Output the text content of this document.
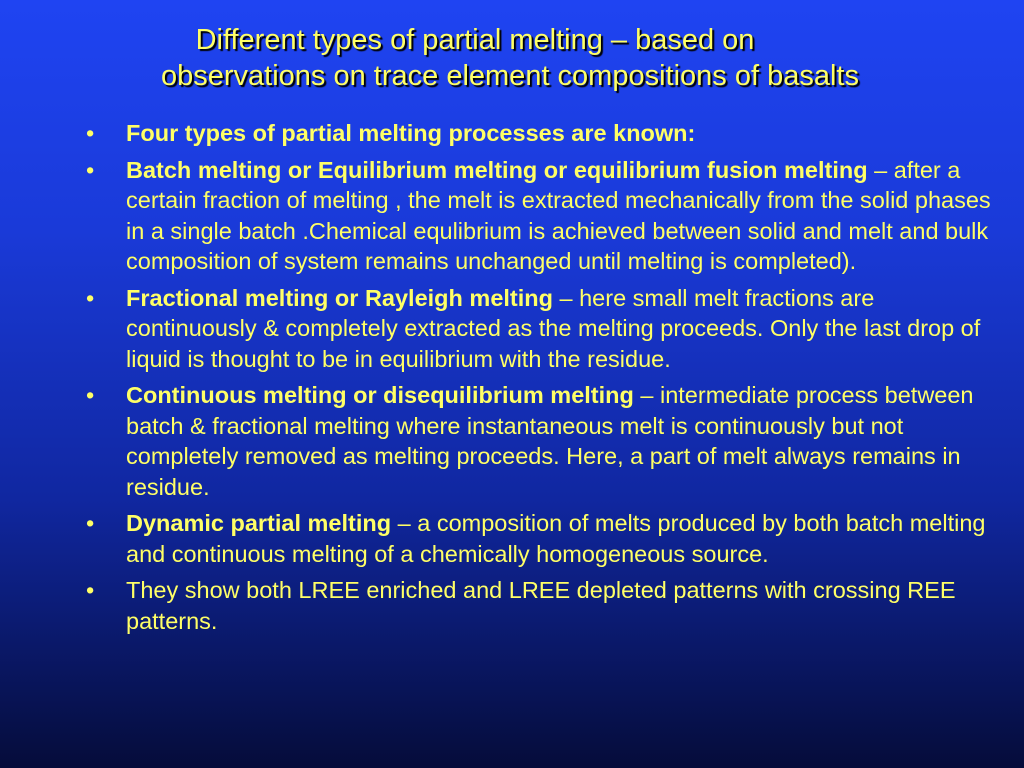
Different types of partial melting – based on
observations on trace element compositions of basalts
• Four types of partial melting processes are known:
• Batch melting or Equilibrium melting or equilibrium fusion melting – after a certain fraction of melting , the melt is extracted mechanically from the solid phases in a single batch .Chemical equlibrium is achieved between solid and melt and bulk composition of system remains unchanged until melting is completed).
• Fractional melting or Rayleigh melting – here small melt fractions are continuously & completely extracted as the melting proceeds. Only the last drop of liquid is thought to be in equilibrium with the residue.
• Continuous melting or disequilibrium melting – intermediate process between batch & fractional melting where instantaneous melt is continuously but not completely removed as melting proceeds. Here, a part of melt always remains in residue.
• Dynamic partial melting – a composition of melts produced by both batch melting and continuous melting of a chemically homogeneous source.
• They show both LREE enriched and LREE depleted patterns with crossing REE patterns.
